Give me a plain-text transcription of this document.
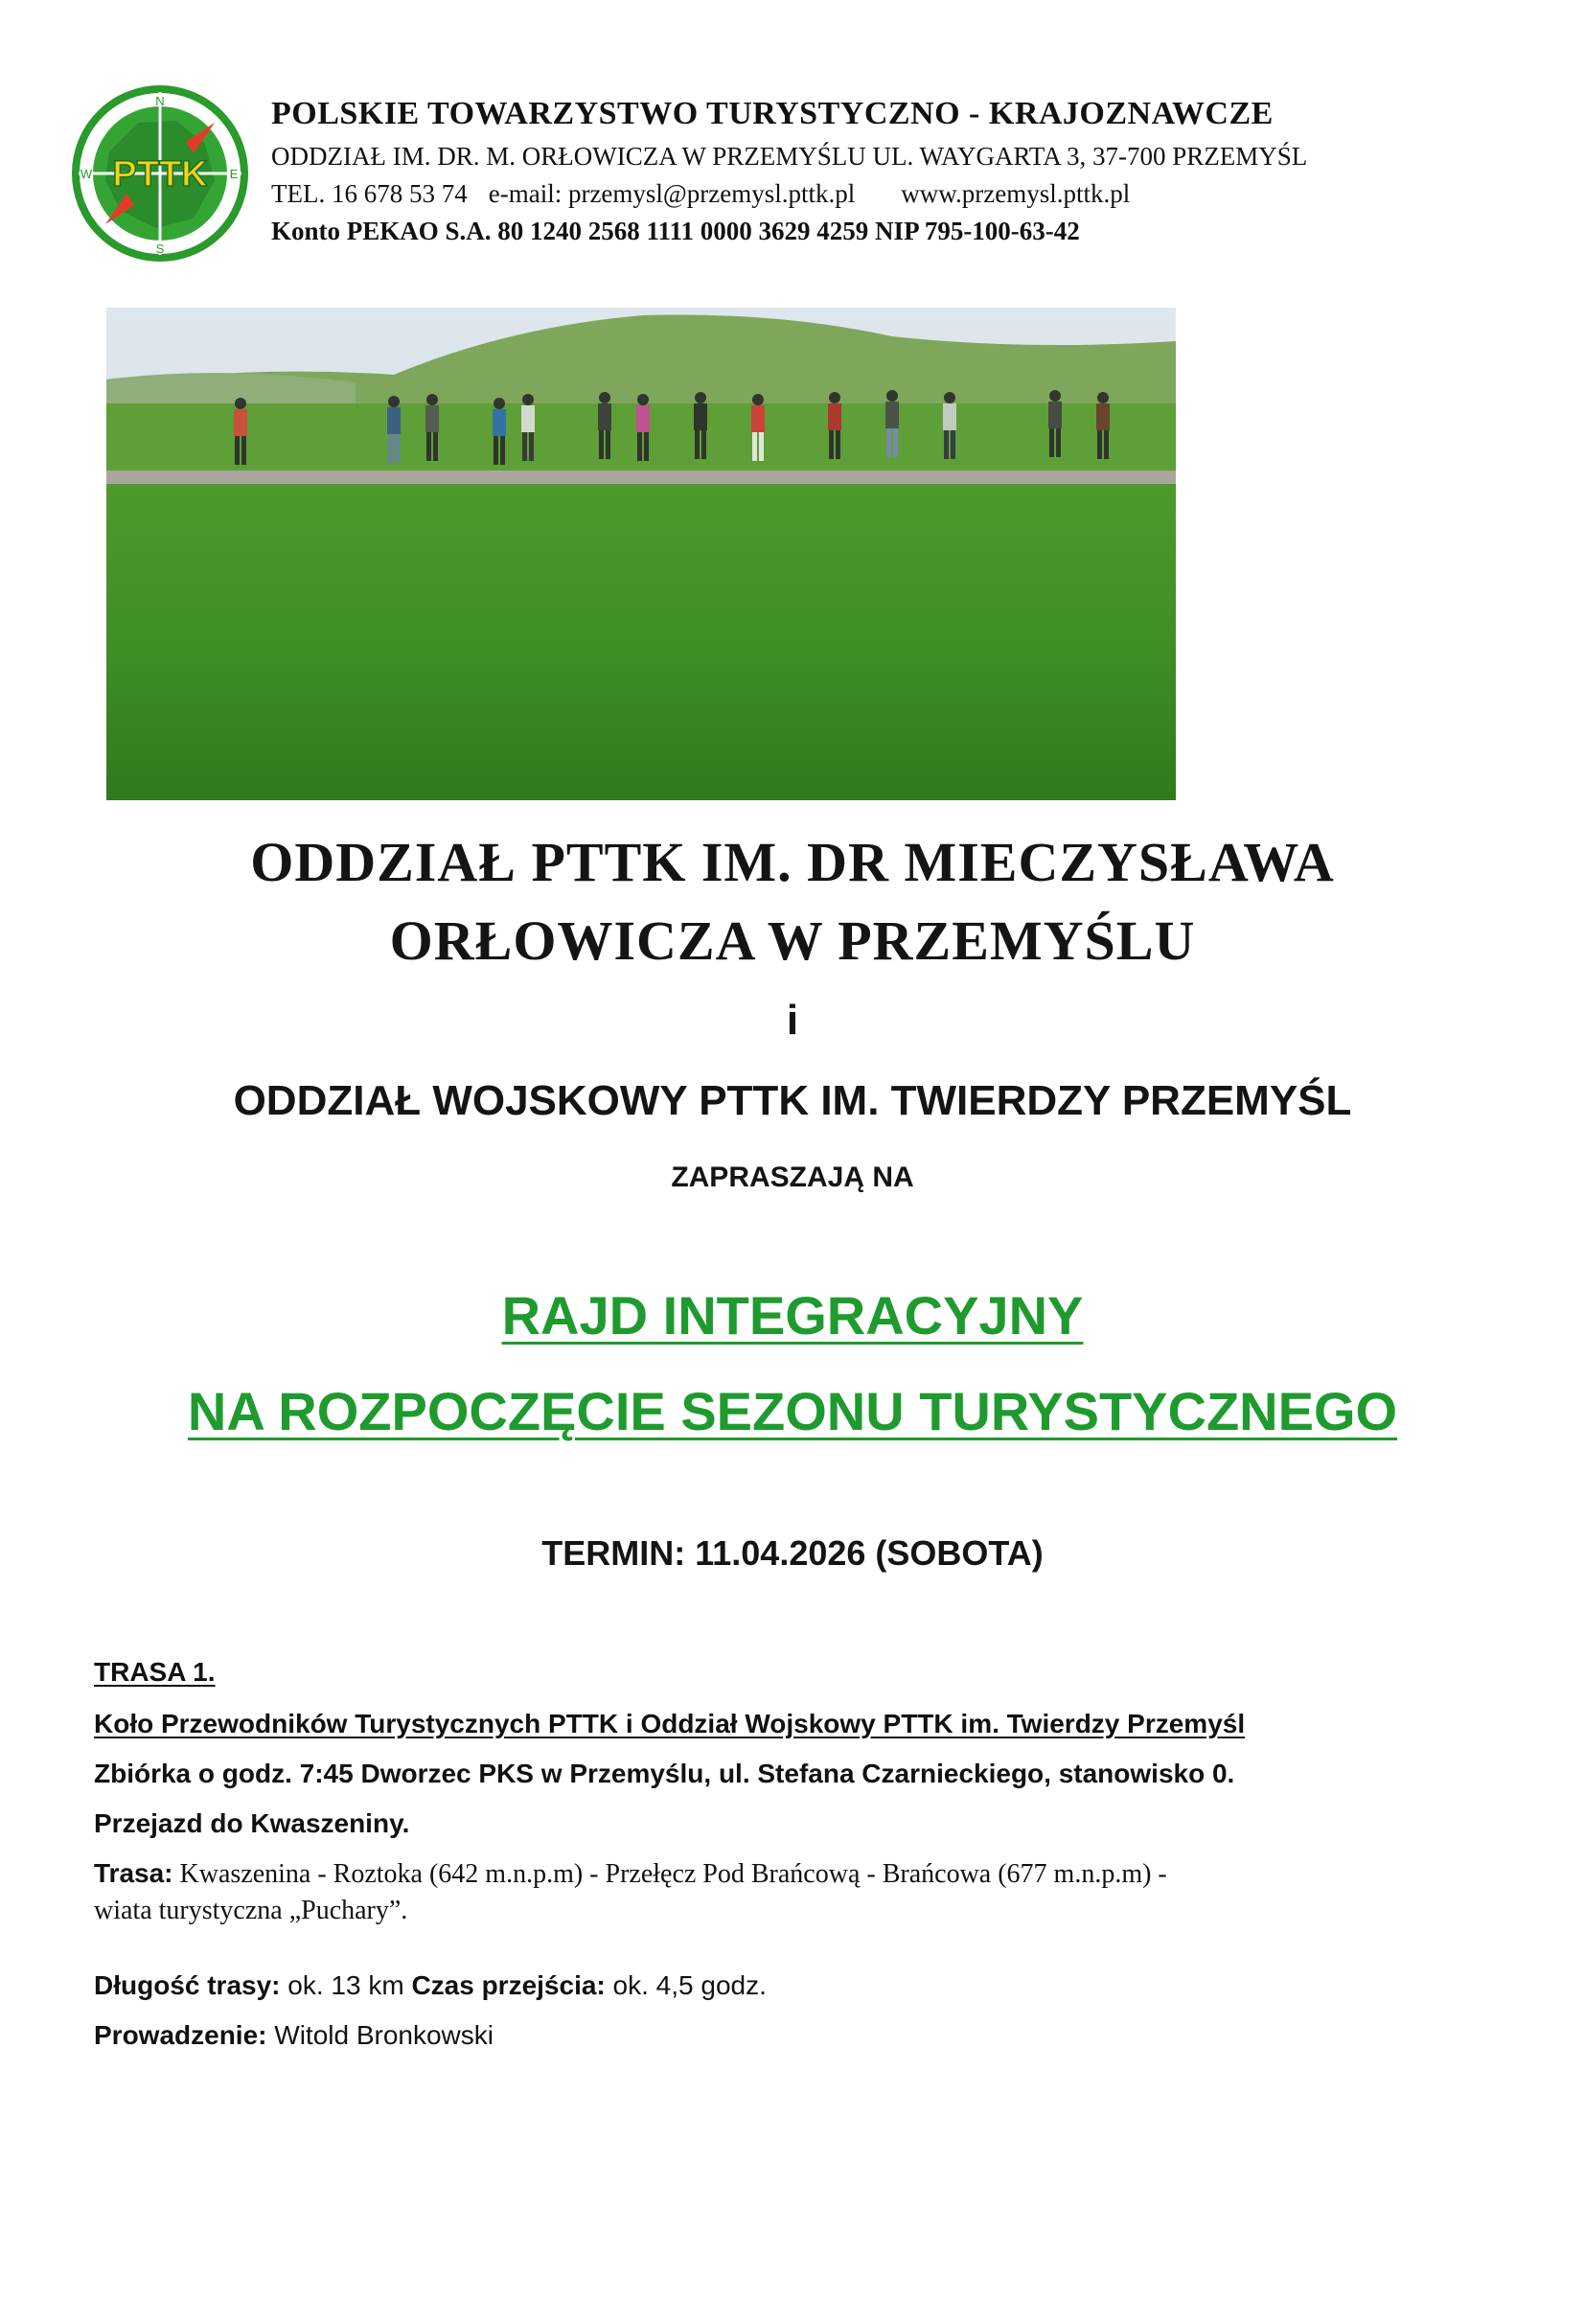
N
S
W	E
PTTK

POLSKIE TOWARZYSTWO TURYSTYCZNO - KRAJOZNAWCZE

ODDZIAŁ IM. DR. M. ORŁOWICZA W PRZEMYŚLU UL. WAYGARTA 3, 37-700 PRZEMYŚL

TEL. 16 678 53 74 e-mail: przemysl@przemysl.pttk.pl www.przemysl.pttk.pl

Konto PEKAO S.A. 80 1240 2568 1111 0000 3629 4259 NIP 795-100-63-42

ODDZIAŁ PTTK IM. DR MIECZYSŁAWA

ORŁOWICZA W PRZEMYŚLU

i

ODDZIAŁ WOJSKOWY PTTK IM. TWIERDZY PRZEMYŚL

ZAPRASZAJĄ NA

RAJD INTEGRACYJNY

NA ROZPOCZĘCIE SEZONU TURYSTYCZNEGO

TERMIN: 11.04.2026 (SOBOTA)

TRASA 1.

Koło Przewodników Turystycznych PTTK i Oddział Wojskowy PTTK im. Twierdzy Przemyśl

Zbiórka o godz. 7:45 Dworzec PKS w Przemyślu, ul. Stefana Czarnieckiego, stanowisko 0.

Przejazd do Kwaszeniny.

Trasa: Kwaszenina - Roztoka (642 m.n.p.m) - Przełęcz Pod Brańcową - Brańcowa (677 m.n.p.m) -

wiata turystyczna „Puchary”.

Długość trasy: ok. 13 km Czas przejścia: ok. 4,5 godz.

Prowadzenie: Witold Bronkowski
